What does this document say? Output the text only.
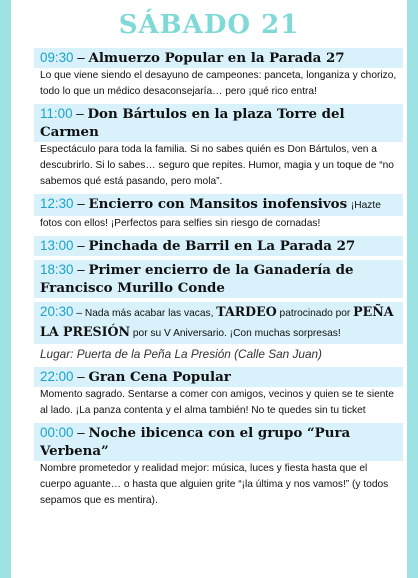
SÁBADO 21
09:30 – Almuerzo Popular en la Parada 27
Lo que viene siendo el desayuno de campeones: panceta, longaniza y chorizo, todo lo que un médico desaconsejaría… pero ¡qué rico entra!
11:00 – Don Bártulos en la plaza Torre del Carmen
Espectáculo para toda la familia. Si no sabes quién es Don Bártulos, ven a descubrirlo. Si lo sabes… seguro que repites. Humor, magia y un toque de “no sabemos qué está pasando, pero mola”.
12:30 – Encierro con Mansitos inofensivos ¡Hazte
fotos con ellos! ¡Perfectos para selfies sin riesgo de cornadas!
13:00 – Pinchada de Barril en La Parada 27
18:30 – Primer encierro de la Ganadería de Francisco Murillo Conde
20:30 – Nada más acabar las vacas, TARDEO patrocinado por PEÑA LA PRESIÓN por su V Aniversario. ¡Con muchas sorpresas!
Lugar: Puerta de la Peña La Presión (Calle San Juan)
22:00 – Gran Cena Popular
Momento sagrado. Sentarse a comer con amigos, vecinos y quien se te siente al lado. ¡La panza contenta y el alma también! No te quedes sin tu ticket
00:00 – Noche ibicenca con el grupo “Pura Verbena”
Nombre prometedor y realidad mejor: música, luces y fiesta hasta que el cuerpo aguante… o hasta que alguien grite “¡la última y nos vamos!” (y todos sepamos que es mentira).
